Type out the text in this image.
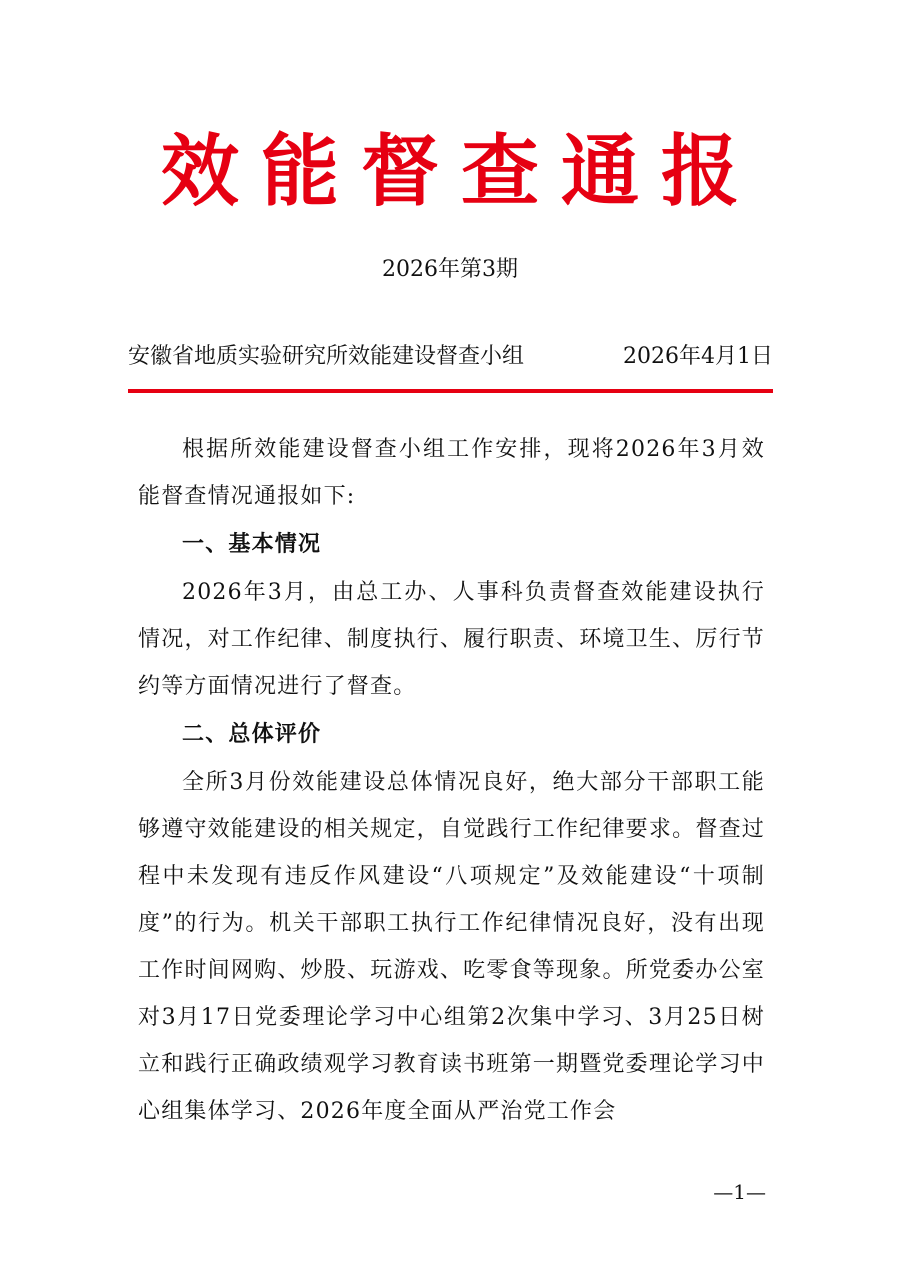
效能督查通报
2026年第3期
安徽省地质实验研究所效能建设督查小组	2026年4月1日

根据所效能建设督查小组工作安排，现将2026年3月效能督查情况通报如下:

一、基本情况

2026年3月，由总工办、人事科负责督查效能建设执行情况，对工作纪律、制度执行、履行职责、环境卫生、厉行节约等方面情况进行了督查。

二、总体评价

全所3月份效能建设总体情况良好，绝大部分干部职工能够遵守效能建设的相关规定，自觉践行工作纪律要求。督查过程中未发现有违反作风建设“八项规定”及效能建设“十项制度”的行为。机关干部职工执行工作纪律情况良好，没有出现工作时间网购、炒股、玩游戏、吃零食等现象。所党委办公室对3月17日党委理论学习中心组第2次集中学习、3月25日树立和践行正确政绩观学习教育读书班第一期暨党委理论学习中心组集体学习、2026年度全面从严治党工作会

—1—
